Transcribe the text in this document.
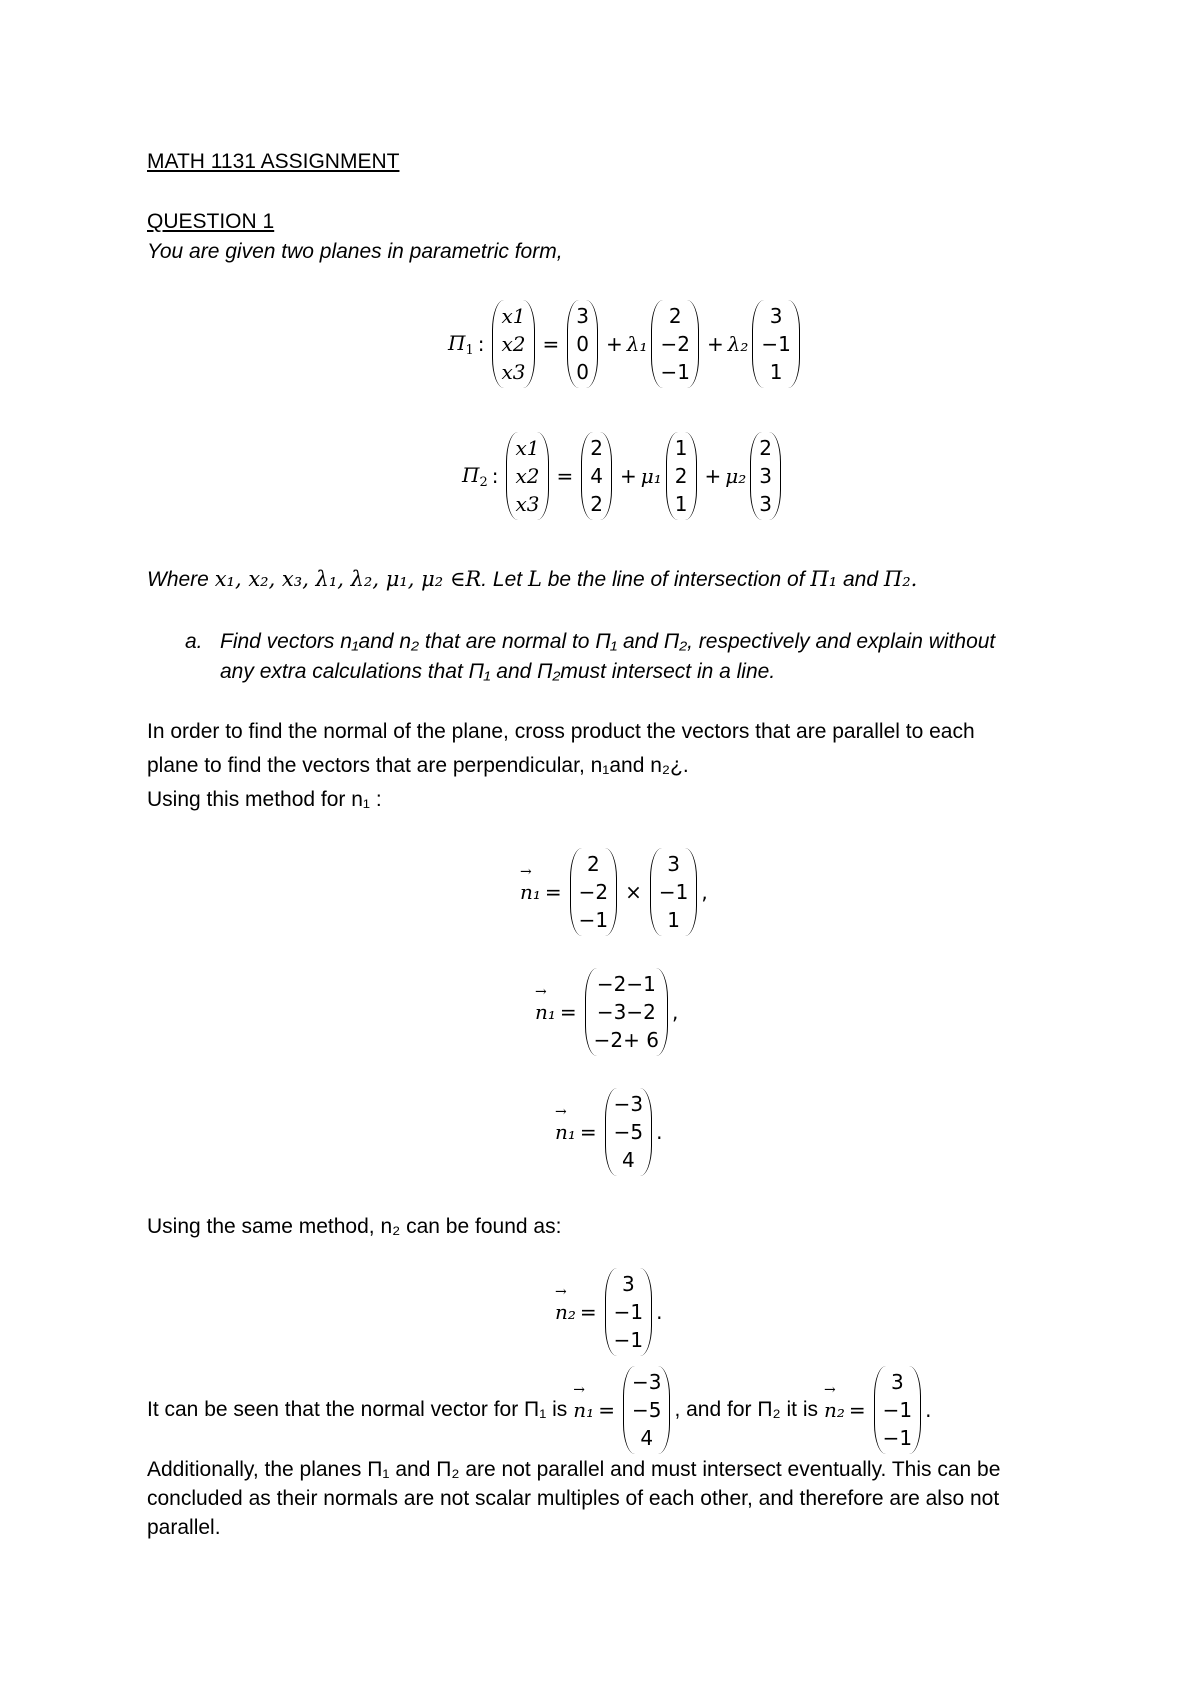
MATH 1131 ASSIGNMENT
QUESTION 1
You are given two planes in parametric form,
$\Pi_1$ :
x1
x2
x3
=
3
0
0
+ λ₁
2
−2
−1
+ λ₂
3
−1
1
$\Pi_2$ :
x1
x2
x3
=
2
4
2
+ μ₁
1
2
1
+ μ₂
2
3
3
Where x₁, x₂, x₃, λ₁, λ₂, μ₁, μ₂ ∈R. Let L be the line of intersection of Π₁ and Π₂.
a. Find vectors n₁and n₂ that are normal to Π₁ and Π₂, respectively and explain without
any extra calculations that Π₁ and Π₂must intersect in a line.
In order to find the normal of the plane, cross product the vectors that are parallel to each
plane to find the vectors that are perpendicular, n₁and n₂¿.
Using this method for n₁ :
→ n₁ =
2
−2
−1
×
3
−1
1
,
→ n₁ =
−2−1
−3−2
−2+ 6
,
→ n₁ =
−3
−5
4
.
Using the same method, n₂ can be found as:
→ n₂ =
3
−1
−1
.
It can be seen that the normal vector for Π₁ is → n₁ =
−3
−5
4
, and for Π₂ it is → n₂ =
3
−1
−1
.
Additionally, the planes Π₁ and Π₂ are not parallel and must intersect eventually. This can be
concluded as their normals are not scalar multiples of each other, and therefore are also not
parallel.
